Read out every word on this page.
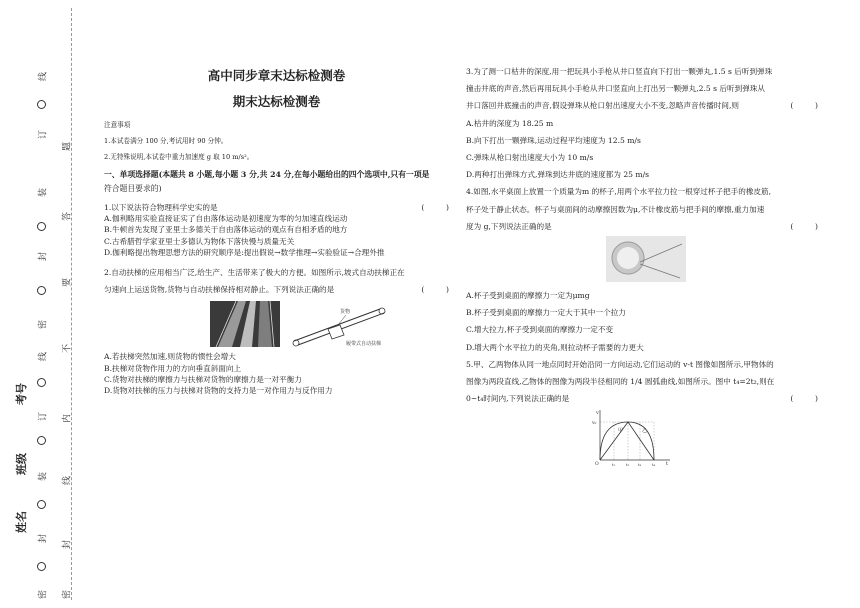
线
订
装
封
密
线
订
装
封
密
题
答
要
不
内
线
封
密
考号
班级
姓名
高中同步章末达标检测卷
期末达标检测卷

注意事项

1.本试卷满分 100 分,考试用时 90 分钟。

2.无特殊说明,本试卷中重力加速度 g 取 10 m/s²。

一、单项选择题(本题共 8 小题,每小题 3 分,共 24 分,在每小题给出的四个选项中,只有一项是
符合题目要求的)
1.以下说法符合物理科学史实的是	(         )

A.伽利略用实验直接证实了自由落体运动是初速度为零的匀加速直线运动

B.牛顿首先发现了亚里士多德关于自由落体运动的观点有自相矛盾的地方

C.古希腊哲学家亚里士多德认为物体下落快慢与质量无关

D.伽利略提出物理思想方法的研究顺序是:提出假说→数学推理→实验验证→合理外推

2.自动扶梯的应用相当广泛,给生产、生活带来了极大的方便。如图所示,坡式自动扶梯正在

匀速向上运送货物,货物与自动扶梯保持相对静止。下列说法正确的是	(         )
货物
履带式自动扶梯

A.若扶梯突然加速,则货物的惯性会增大

B.扶梯对货物作用力的方向垂直斜面向上

C.货物对扶梯的摩擦力与扶梯对货物的摩擦力是一对平衡力

D.货物对扶梯的压力与扶梯对货物的支持力是一对作用力与反作用力

3.为了测一口枯井的深度,用一把玩具小手枪从井口竖直向下打出一颗弹丸,1.5 s 后听到弹珠

撞击井底的声音,然后再用玩具小手枪从井口竖直向上打出另一颗弹丸,2.5 s 后听到弹珠从

井口落回井底撞击的声音,假设弹珠从枪口射出速度大小不变,忽略声音传播时间,则	(         )

A.枯井的深度为 18.25 m

B.向下打出一颗弹珠,运动过程平均速度为 12.5 m/s

C.弹珠从枪口射出速度大小为 10 m/s

D.两种打出弹珠方式,弹珠到达井底的速度都为 25 m/s

4.如图,水平桌面上放置一个质量为m 的杯子,用两个水平拉力拉一根穿过杯子把手的橡皮筋,

杯子处于静止状态。杯子与桌面间的动摩擦因数为μ,不计橡皮筋与把手间的摩擦,重力加速

度为 g,下列说法正确的是	(         )

A.杯子受到桌面的摩擦力一定为μmg

B.杯子受到桌面的摩擦力一定大于其中一个拉力

C.增大拉力,杯子受到桌面的摩擦力一定不变

D.增大两个水平拉力的夹角,则拉动杯子需要的力更大

5.甲、乙两物体从同一地点同时开始沿同一方向运动,它们运动的 v-t 图像如图所示,甲物体的

图像为两段直线,乙物体的图像为两段半径相同的 1/4 圆弧曲线,如图所示。图中 t₄=2t₂,则在

0~t₄时间内,下列说法正确的是	(         )
v
v₀
O	t
甲	乙
t₁	t₂ t₃	t₄
